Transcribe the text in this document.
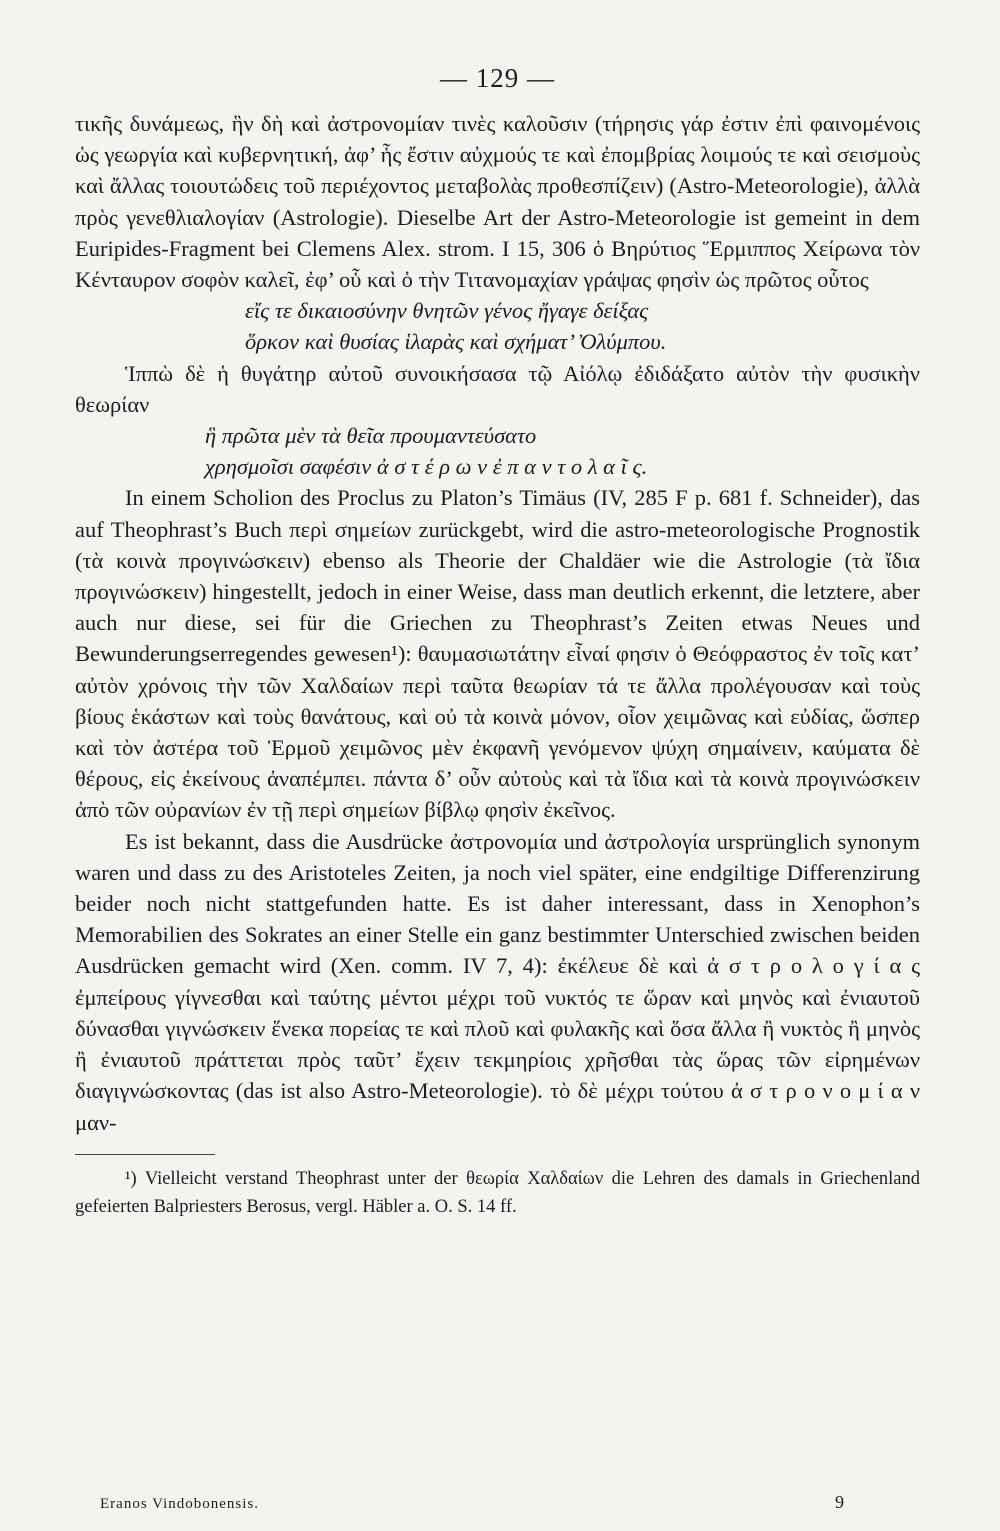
— 129 —

τικῆς δυνάμεως, ἣν δὴ καὶ ἀστρονομίαν τινὲς καλοῦσιν (τήρησις γάρ ἐστιν ἐπὶ φαινομένοις ὡς γεωργία καὶ κυβερνητική, ἀφ’ ἧς ἔστιν αὐχμούς τε καὶ ἐπομβρίας λοιμούς τε καὶ σεισμοὺς καὶ ἄλλας τοιουτώδεις τοῦ περιέχοντος μεταβολὰς προθεσπίζειν) (Astro-Meteorologie), ἀλλὰ πρὸς γενεθλιαλογίαν (Astrologie). Dieselbe Art der Astro-Meteorologie ist gemeint in dem Euripides-Fragment bei Clemens Alex. strom. I 15, 306 ὁ Βηρύτιος Ἕρμιππος Χείρωνα τὸν Κένταυρον σοφὸν καλεῖ, ἐφ’ οὗ καὶ ὁ τὴν Τιτανομαχίαν γράψας φησὶν ὡς πρῶτος οὗτος

εἴς τε δικαιοσύνην θνητῶν γένος ἤγαγε δείξας
ὅρκον καὶ θυσίας ἱλαρὰς καὶ σχήματ’ Ὀλύμπου.

Ἱππὼ δὲ ἡ θυγάτηρ αὐτοῦ συνοικήσασα τῷ Αἰόλῳ ἐδιδάξατο αὐτὸν τὴν φυσικὴν θεωρίαν

ἣ πρῶτα μὲν τὰ θεῖα προυμαντεύσατο
χρησμοῖσι σαφέσιν ἀ σ τ έ ρ ω ν ἐ π α ν τ ο λ α ῖ ς.

In einem Scholion des Proclus zu Platon’s Timäus (IV, 285 F p. 681 f. Schneider), das auf Theophrast’s Buch περὶ σημείων zurückgebt, wird die astro-meteorologische Prognostik (τὰ κοινὰ προγινώσκειν) ebenso als Theorie der Chaldäer wie die Astrologie (τὰ ἴδια προγινώσκειν) hingestellt, jedoch in einer Weise, dass man deutlich erkennt, die letztere, aber auch nur diese, sei für die Griechen zu Theophrast’s Zeiten etwas Neues und Bewunderungserregendes gewesen¹): θαυμασιωτάτην εἶναί φησιν ὁ Θεόφραστος ἐν τοῖς κατ’ αὐτὸν χρόνοις τὴν τῶν Χαλδαίων περὶ ταῦτα θεωρίαν τά τε ἄλλα προλέγουσαν καὶ τοὺς βίους ἑκάστων καὶ τοὺς θανάτους, καὶ οὐ τὰ κοινὰ μόνον, οἷον χειμῶνας καὶ εὐδίας, ὥσπερ καὶ τὸν ἀστέρα τοῦ Ἑρμοῦ χειμῶνος μὲν ἐκφανῆ γενόμενον ψύχη σημαίνειν, καύματα δὲ θέρους, εἰς ἐκείνους ἀναπέμπει. πάντα δ’ οὖν αὐτοὺς καὶ τὰ ἴδια καὶ τὰ κοινὰ προγινώσκειν ἀπὸ τῶν οὐρανίων ἐν τῇ περὶ σημείων βίβλῳ φησὶν ἐκεῖνος.

Es ist bekannt, dass die Ausdrücke ἀστρονομία und ἀστρολογία ursprünglich synonym waren und dass zu des Aristoteles Zeiten, ja noch viel später, eine endgiltige Differenzirung beider noch nicht stattgefunden hatte. Es ist daher interessant, dass in Xenophon’s Memorabilien des Sokrates an einer Stelle ein ganz bestimmter Unterschied zwischen beiden Ausdrücken gemacht wird (Xen. comm. IV 7, 4): ἐκέλευε δὲ καὶ ἀ σ τ ρ ο λ ο γ ί α ς ἐμπείρους γίγνεσθαι καὶ ταύτης μέντοι μέχρι τοῦ νυκτός τε ὥραν καὶ μηνὸς καὶ ἐνιαυτοῦ δύνασθαι γιγνώσκειν ἕνεκα πορείας τε καὶ πλοῦ καὶ φυλακῆς καὶ ὅσα ἄλλα ἢ νυκτὸς ἢ μηνὸς ἢ ἐνιαυτοῦ πράττεται πρὸς ταῦτ’ ἔχειν τεκμηρίοις χρῆσθαι τὰς ὥρας τῶν εἰρημένων διαγιγνώσκοντας (das ist also Astro-Meteorologie). τὸ δὲ μέχρι τούτου ἀ σ τ ρ ο ν ο μ ί α ν μαν-

¹) Vielleicht verstand Theophrast unter der θεωρία Χαλδαίων die Lehren des damals in Griechenland gefeierten Balpriesters Berosus, vergl. Häbler a. O. S. 14 ff.

Eranos Vindobonensis.	9
